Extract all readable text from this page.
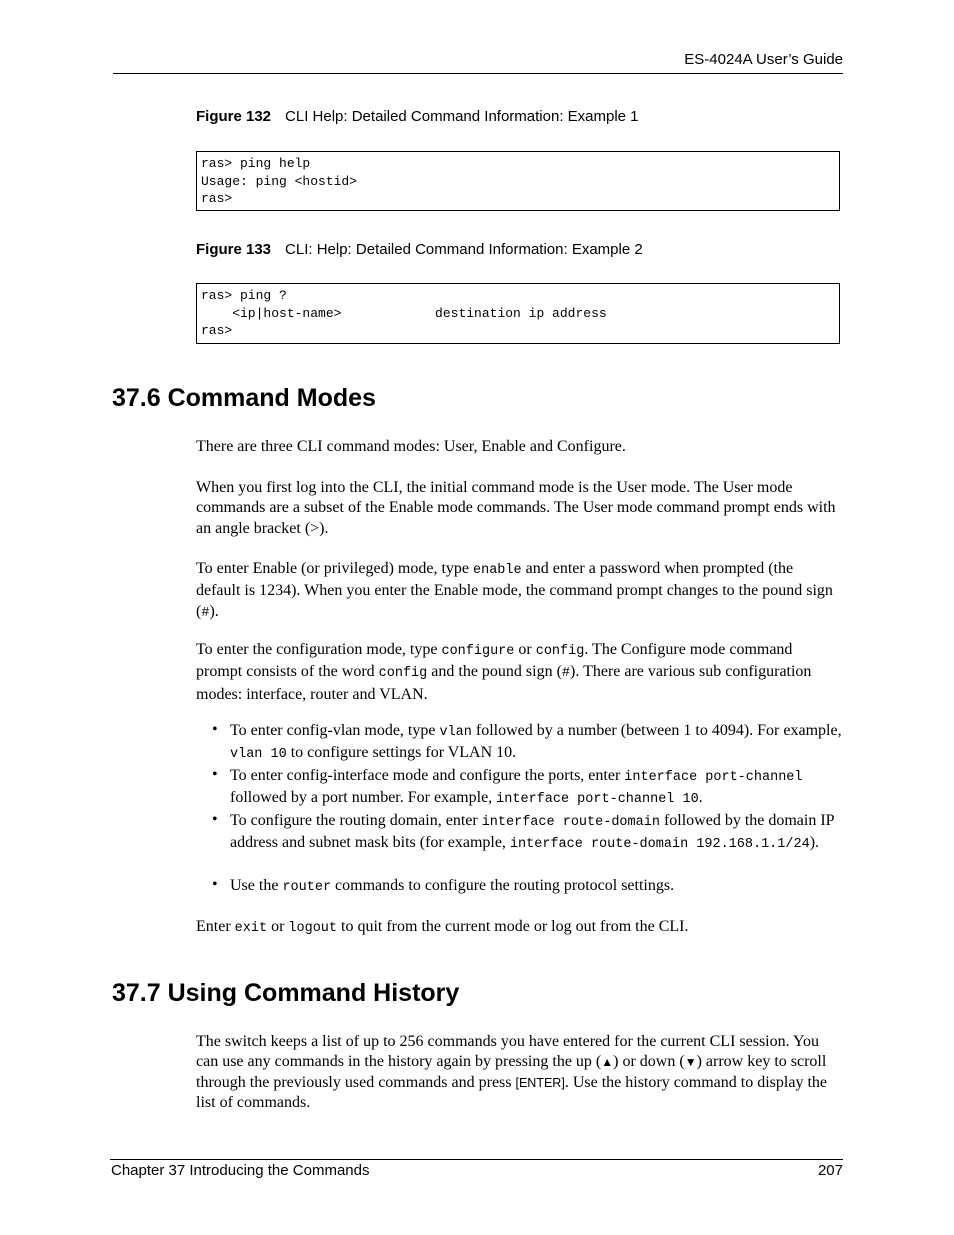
ES-4024A User’s Guide
Figure 132 CLI Help: Detailed Command Information: Example 1
ras> ping help
Usage: ping <hostid>
ras>
Figure 133 CLI: Help: Detailed Command Information: Example 2
ras> ping ?
<ip|host-name>            destination ip address
ras>
37.6 Command Modes
There are three CLI command modes: User, Enable and Configure.
When you first log into the CLI, the initial command mode is the User mode. The User mode commands are a subset of the Enable mode commands. The User mode command prompt ends with an angle bracket (>).
To enter Enable (or privileged) mode, type enable and enter a password when prompted (the default is 1234). When you enter the Enable mode, the command prompt changes to the pound sign (#).
To enter the configuration mode, type configure or config. The Configure mode command prompt consists of the word config and the pound sign (#). There are various sub configuration modes: interface, router and VLAN.
• To enter config-vlan mode, type vlan followed by a number (between 1 to 4094). For example, vlan 10 to configure settings for VLAN 10.
• To enter config-interface mode and configure the ports, enter interface port-channel followed by a port number. For example, interface port-channel 10.
• To configure the routing domain, enter interface route-domain followed by the domain IP address and subnet mask bits (for example, interface route-domain 192.168.1.1/24).
• Use the router commands to configure the routing protocol settings.
Enter exit or logout to quit from the current mode or log out from the CLI.
37.7 Using Command History
The switch keeps a list of up to 256 commands you have entered for the current CLI session. You can use any commands in the history again by pressing the up (▲) or down (▼) arrow key to scroll through the previously used commands and press [ENTER]. Use the history command to display the list of commands.
Chapter 37 Introducing the Commands	207
